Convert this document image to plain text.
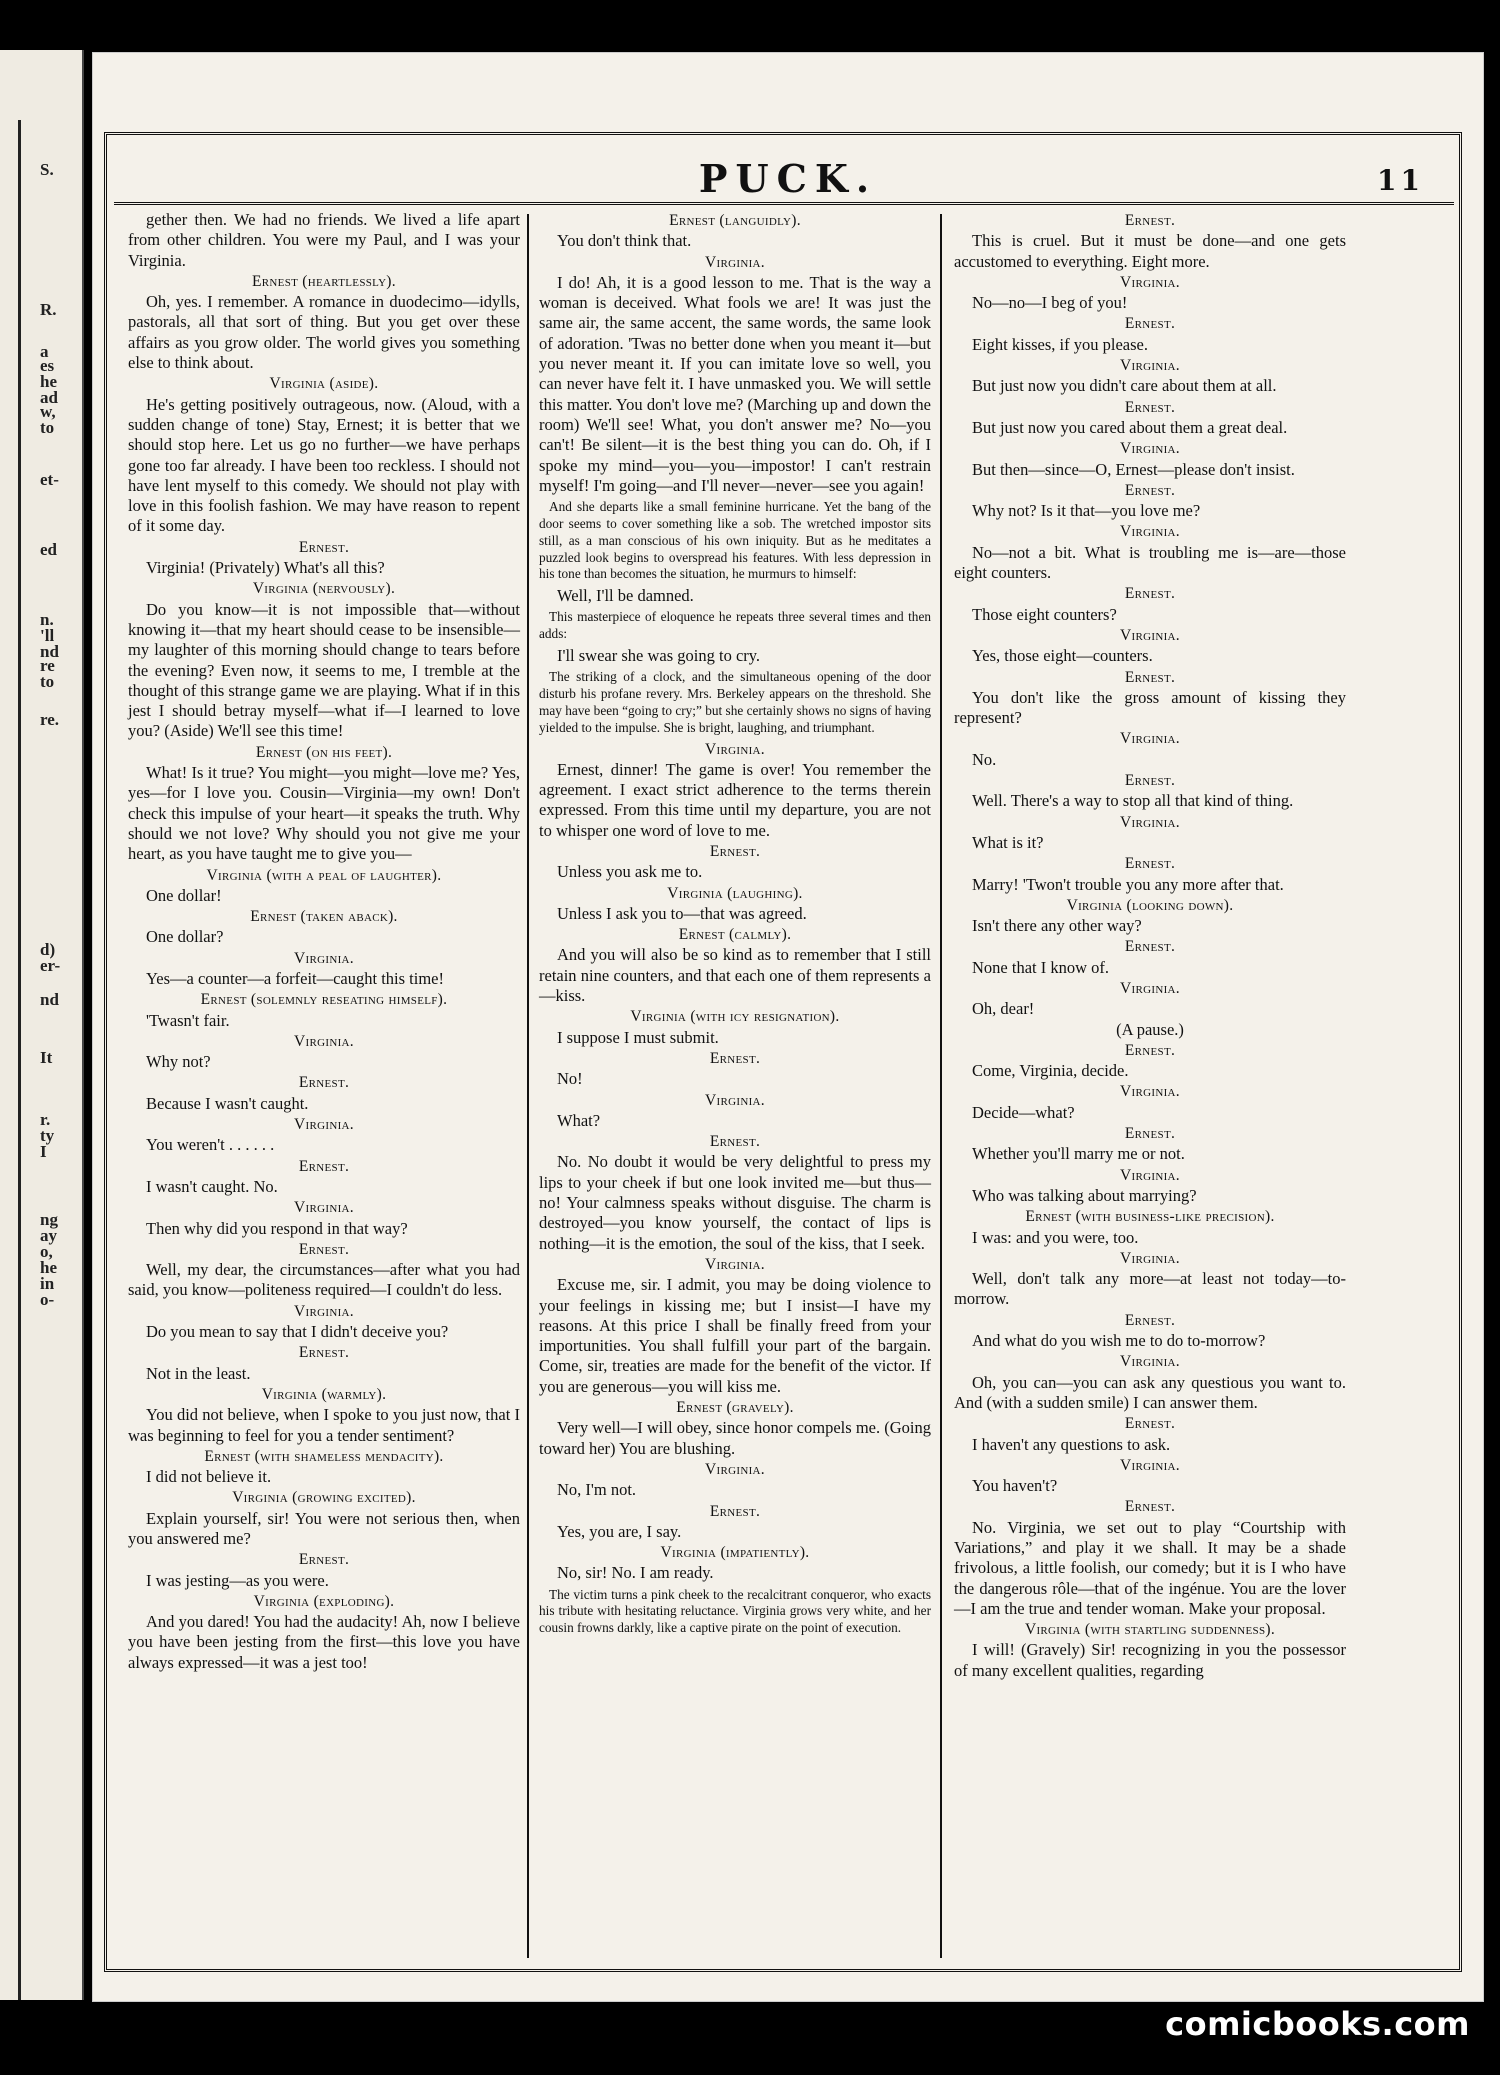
S.
R.
a
es
he
ad
w,
to
et-
ed
n.
'll
nd
re
to
re.
d)
er-
nd
It
r.
ty
I
ng
ay
o,
he
in
o-
PUCK.	11

gether then. We had no friends. We lived a life apart from other children. You were my Paul, and I was your Virginia.

Ernest (heartlessly).

Oh, yes. I remember. A romance in duodecimo—idylls, pastorals, all that sort of thing. But you get over these affairs as you grow older. The world gives you something else to think about.

Virginia (aside).

He's getting positively outrageous, now. (Aloud, with a sudden change of tone) Stay, Ernest; it is better that we should stop here. Let us go no further—we have perhaps gone too far already. I have been too reckless. I should not have lent myself to this comedy. We should not play with love in this foolish fashion. We may have reason to repent of it some day.

Ernest.

Virginia! (Privately) What's all this?

Virginia (nervously).

Do you know—it is not impossible that—without knowing it—that my heart should cease to be insensible—my laughter of this morning should change to tears before the evening? Even now, it seems to me, I tremble at the thought of this strange game we are playing. What if in this jest I should betray myself—what if—I learned to love you? (Aside) We'll see this time!

Ernest (on his feet).

What! Is it true? You might—you might—love me? Yes, yes—for I love you. Cousin—Virginia—my own! Don't check this impulse of your heart—it speaks the truth. Why should we not love? Why should you not give me your heart, as you have taught me to give you—

Virginia (with a peal of laughter).

One dollar!

Ernest (taken aback).

One dollar?

Virginia.

Yes—a counter—a forfeit—caught this time!

Ernest (solemnly reseating himself).

'Twasn't fair.

Virginia.

Why not?

Ernest.

Because I wasn't caught.

Virginia.

You weren't . . . . . .

Ernest.

I wasn't caught. No.

Virginia.

Then why did you respond in that way?

Ernest.

Well, my dear, the circumstances—after what you had said, you know—politeness required—I couldn't do less.

Virginia.

Do you mean to say that I didn't deceive you?

Ernest.

Not in the least.

Virginia (warmly).

You did not believe, when I spoke to you just now, that I was beginning to feel for you a tender sentiment?

Ernest (with shameless mendacity).

I did not believe it.

Virginia (growing excited).

Explain yourself, sir! You were not serious then, when you answered me?

Ernest.

I was jesting—as you were.

Virginia (exploding).

And you dared! You had the audacity! Ah, now I believe you have been jesting from the first—this love you have always expressed—it was a jest too!

Ernest (languidly).

You don't think that.

Virginia.

I do! Ah, it is a good lesson to me. That is the way a woman is deceived. What fools we are! It was just the same air, the same accent, the same words, the same look of adoration. 'Twas no better done when you meant it—but you never meant it. If you can imitate love so well, you can never have felt it. I have unmasked you. We will settle this matter. You don't love me? (Marching up and down the room) We'll see! What, you don't answer me? No—you can't! Be silent—it is the best thing you can do. Oh, if I spoke my mind—you—you—impostor! I can't restrain myself! I'm going—and I'll never—never—see you again!

And she departs like a small feminine hurricane. Yet the bang of the door seems to cover something like a sob. The wretched impostor sits still, as a man conscious of his own iniquity. But as he meditates a puzzled look begins to overspread his features. With less depression in his tone than becomes the situation, he murmurs to himself:

Well, I'll be damned.

This masterpiece of eloquence he repeats three several times and then adds:

I'll swear she was going to cry.

The striking of a clock, and the simultaneous opening of the door disturb his profane revery. Mrs. Berkeley appears on the threshold. She may have been “going to cry;” but she certainly shows no signs of having yielded to the impulse. She is bright, laughing, and triumphant.

Virginia.

Ernest, dinner! The game is over! You remember the agreement. I exact strict adherence to the terms therein expressed. From this time until my departure, you are not to whisper one word of love to me.

Ernest.

Unless you ask me to.

Virginia (laughing).

Unless I ask you to—that was agreed.

Ernest (calmly).

And you will also be so kind as to remember that I still retain nine counters, and that each one of them represents a—kiss.

Virginia (with icy resignation).

I suppose I must submit.

Ernest.

No!

Virginia.

What?

Ernest.

No. No doubt it would be very delightful to press my lips to your cheek if but one look invited me—but thus—no! Your calmness speaks without disguise. The charm is destroyed—you know yourself, the contact of lips is nothing—it is the emotion, the soul of the kiss, that I seek.

Virginia.

Excuse me, sir. I admit, you may be doing violence to your feelings in kissing me; but I insist—I have my reasons. At this price I shall be finally freed from your importunities. You shall fulfill your part of the bargain. Come, sir, treaties are made for the benefit of the victor. If you are generous—you will kiss me.

Ernest (gravely).

Very well—I will obey, since honor compels me. (Going toward her) You are blushing.

Virginia.

No, I'm not.

Ernest.

Yes, you are, I say.

Virginia (impatiently).

No, sir! No. I am ready.

The victim turns a pink cheek to the recalcitrant conqueror, who exacts his tribute with hesitating reluctance. Virginia grows very white, and her cousin frowns darkly, like a captive pirate on the point of execution.

Ernest.

This is cruel. But it must be done—and one gets accustomed to everything. Eight more.

Virginia.

No—no—I beg of you!

Ernest.

Eight kisses, if you please.

Virginia.

But just now you didn't care about them at all.

Ernest.

But just now you cared about them a great deal.

Virginia.

But then—since—O, Ernest—please don't insist.

Ernest.

Why not? Is it that—you love me?

Virginia.

No—not a bit. What is troubling me is—are—those eight counters.

Ernest.

Those eight counters?

Virginia.

Yes, those eight—counters.

Ernest.

You don't like the gross amount of kissing they represent?

Virginia.

No.

Ernest.

Well. There's a way to stop all that kind of thing.

Virginia.

What is it?

Ernest.

Marry! 'Twon't trouble you any more after that.

Virginia (looking down).

Isn't there any other way?

Ernest.

None that I know of.

Virginia.

Oh, dear!

(A pause.)

Ernest.

Come, Virginia, decide.

Virginia.

Decide—what?

Ernest.

Whether you'll marry me or not.

Virginia.

Who was talking about marrying?

Ernest (with business-like precision).

I was: and you were, too.

Virginia.

Well, don't talk any more—at least not today—to-morrow.

Ernest.

And what do you wish me to do to-morrow?

Virginia.

Oh, you can—you can ask any questious you want to. And (with a sudden smile) I can answer them.

Ernest.

I haven't any questions to ask.

Virginia.

You haven't?

Ernest.

No. Virginia, we set out to play “Courtship with Variations,” and play it we shall. It may be a shade frivolous, a little foolish, our comedy; but it is I who have the dangerous rôle—that of the ingénue. You are the lover—I am the true and tender woman. Make your proposal.

Virginia (with startling suddenness).

I will! (Gravely) Sir! recognizing in you the possessor of many excellent qualities, regarding

comicbooks.com
